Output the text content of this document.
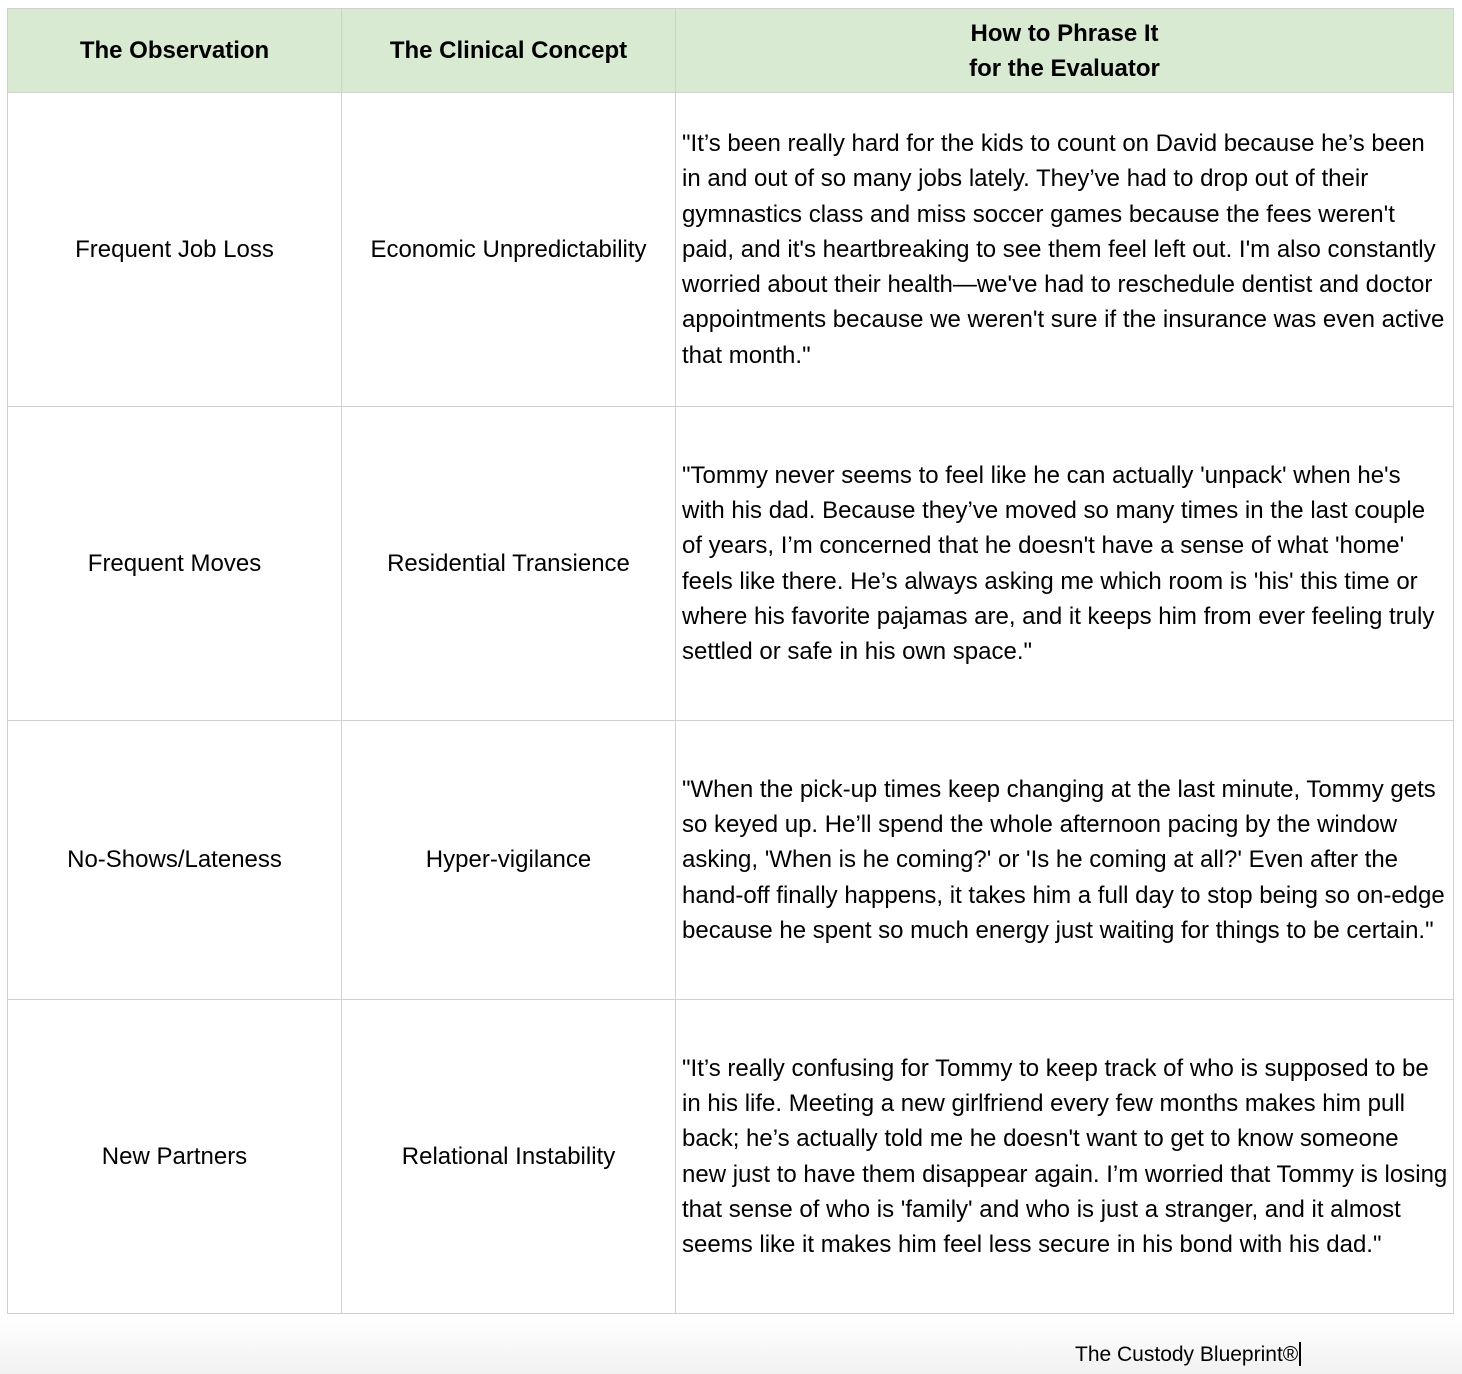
The Observation	The Clinical Concept	How to Phrase It
for the Evaluator

Frequent Job Loss	Economic Unpredictability	"It’s been really hard for the kids to count on David because he’s been in and out of so many jobs lately. They’ve had to drop out of their gymnastics class and miss soccer games because the fees weren't paid, and it's heartbreaking to see them feel left out. I'm also constantly worried about their health—we've had to reschedule dentist and doctor appointments because we weren't sure if the insurance was even active that month."
Frequent Moves	Residential Transience	"Tommy never seems to feel like he can actually 'unpack' when he's with his dad. Because they’ve moved so many times in the last couple of years, I’m concerned that he doesn't have a sense of what 'home' feels like there. He’s always asking me which room is 'his' this time or where his favorite pajamas are, and it keeps him from ever feeling truly settled or safe in his own space."
No-Shows/Lateness	Hyper-vigilance	"When the pick-up times keep changing at the last minute, Tommy gets so keyed up. He’ll spend the whole afternoon pacing by the window asking, 'When is he coming?' or 'Is he coming at all?' Even after the hand-off finally happens, it takes him a full day to stop being so on-edge because he spent so much energy just waiting for things to be certain."
New Partners	Relational Instability	"It’s really confusing for Tommy to keep track of who is supposed to be in his life. Meeting a new girlfriend every few months makes him pull back; he’s actually told me he doesn't want to get to know someone new just to have them disappear again. I’m worried that Tommy is losing that sense of who is 'family' and who is just a stranger, and it almost seems like it makes him feel less secure in his bond with his dad."
The Custody Blueprint®
